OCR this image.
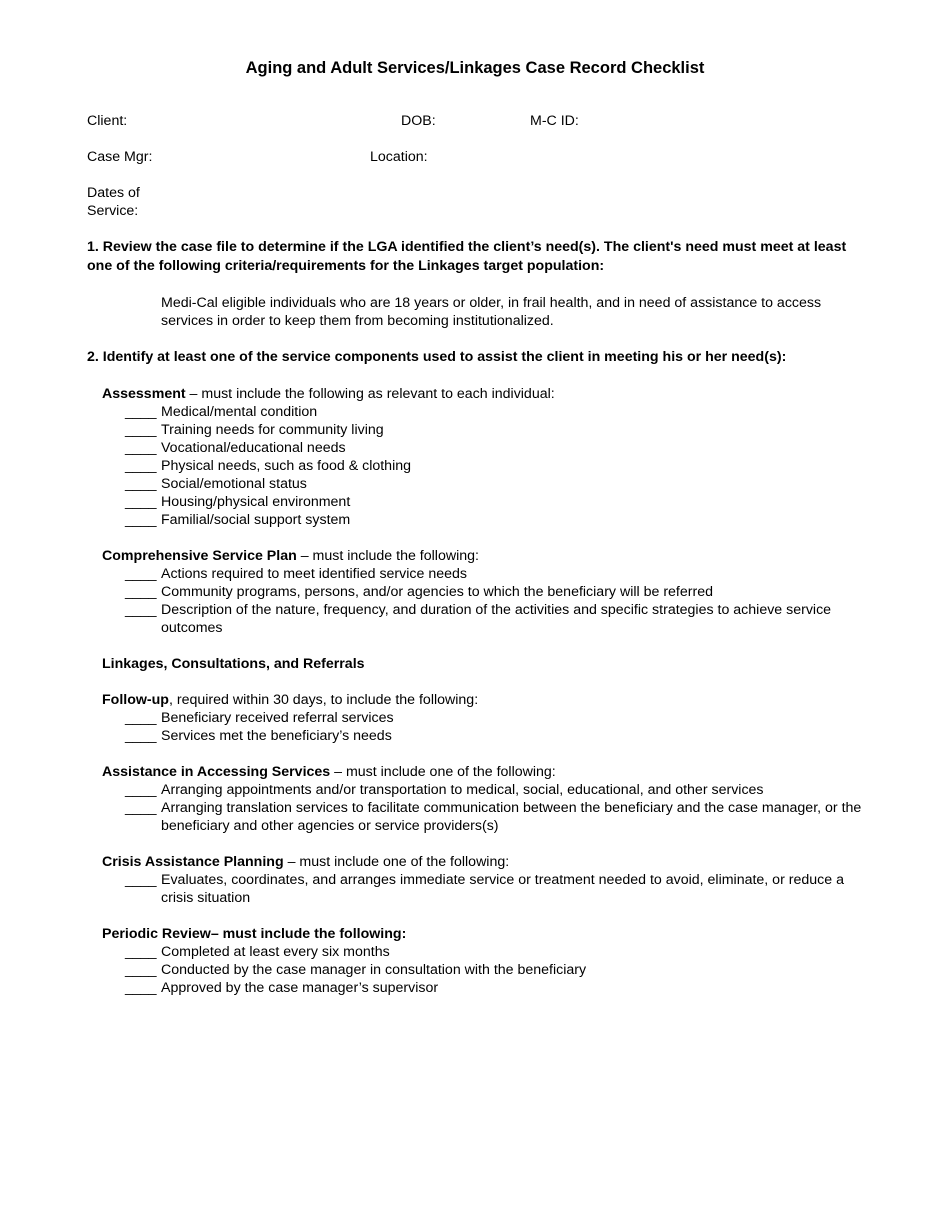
Aging and Adult Services/Linkages Case Record Checklist
Client:	DOB:	M-C ID:
Case Mgr:	Location:
Dates of
Service:
1. Review the case file to determine if the LGA identified the client’s need(s). The client's need must meet at least one of the following criteria/requirements for the Linkages target population:
Medi-Cal eligible individuals who are 18 years or older, in frail health, and in need of assistance to access services in order to keep them from becoming institutionalized.
2. Identify at least one of the service components used to assist the client in meeting his or her need(s):
Assessment – must include the following as relevant to each individual:
____ Medical/mental condition
____ Training needs for community living
____ Vocational/educational needs
____ Physical needs, such as food & clothing
____ Social/emotional status
____ Housing/physical environment
____ Familial/social support system
Comprehensive Service Plan – must include the following:
____ Actions required to meet identified service needs
____ Community programs, persons, and/or agencies to which the beneficiary will be referred
____ Description of the nature, frequency, and duration of the activities and specific strategies to achieve service outcomes
Linkages, Consultations, and Referrals
Follow-up, required within 30 days, to include the following:
____ Beneficiary received referral services
____ Services met the beneficiary’s needs
Assistance in Accessing Services – must include one of the following:
____ Arranging appointments and/or transportation to medical, social, educational, and other services
____ Arranging translation services to facilitate communication between the beneficiary and the case manager, or the beneficiary and other agencies or service providers(s)
Crisis Assistance Planning – must include one of the following:
____ Evaluates, coordinates, and arranges immediate service or treatment needed to avoid, eliminate, or reduce a crisis situation
Periodic Review– must include the following:
____ Completed at least every six months
____ Conducted by the case manager in consultation with the beneficiary
____ Approved by the case manager’s supervisor
